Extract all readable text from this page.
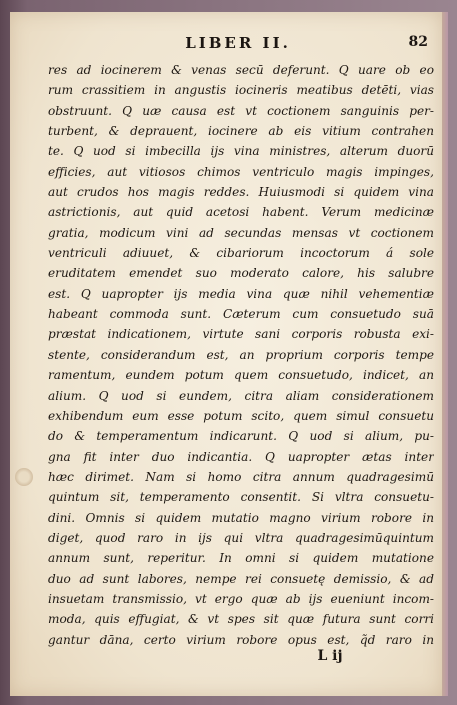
LIBER II.	82
res ad iocinerem & venas secū deferunt. Q uare ob eo
rum crassitiem in angustis iocineris meatibus detēti, vias
obstruunt. Q uæ causa est vt coctionem sanguinis per-
turbent, & deprauent, iocinere ab eis vitium contrahen
te. Q uod si imbecilla ijs vina ministres, alterum duorū
efficies, aut vitiosos chimos ventriculo magis impinges,
aut crudos hos magis reddes. Huiusmodi si quidem vina
astrictionis, aut quid acetosi habent. Verum medicinæ
gratia, modicum vini ad secundas mensas vt coctionem
ventriculi adiuuet, & cibariorum incoctorum á sole
eruditatem emendet suo moderato calore, his salubre
est. Q uapropter ijs media vina quæ nihil vehementiæ
habeant commoda sunt. Cæterum cum consuetudo suā
præstat indicationem, virtute sani corporis robusta exi-
stente, considerandum est, an proprium corporis tempe
ramentum, eundem potum quem consuetudo, indicet, an
alium. Q uod si eundem, citra aliam considerationem
exhibendum eum esse potum scito, quem simul consuetu
do & temperamentum indicarunt. Q uod si alium, pu-
gna fit inter duo indicantia. Q uapropter ætas inter
hæc dirimet. Nam si homo citra annum quadragesimū
quintum sit, temperamento consentit. Si vltra consuetu-
dini. Omnis si quidem mutatio magno virium robore in
diget, quod raro in ijs qui vltra quadragesimūquintum
annum sunt, reperitur. In omni si quidem mutatione
duo ad sunt labores, nempe rei consuetę demissio, & ad
insuetam transmissio, vt ergo quæ ab ijs eueniunt incom-
moda, quis effugiat, & vt spes sit quæ futura sunt corri
gantur dāna, certo virium robore opus est, q̃d raro in
L ij
